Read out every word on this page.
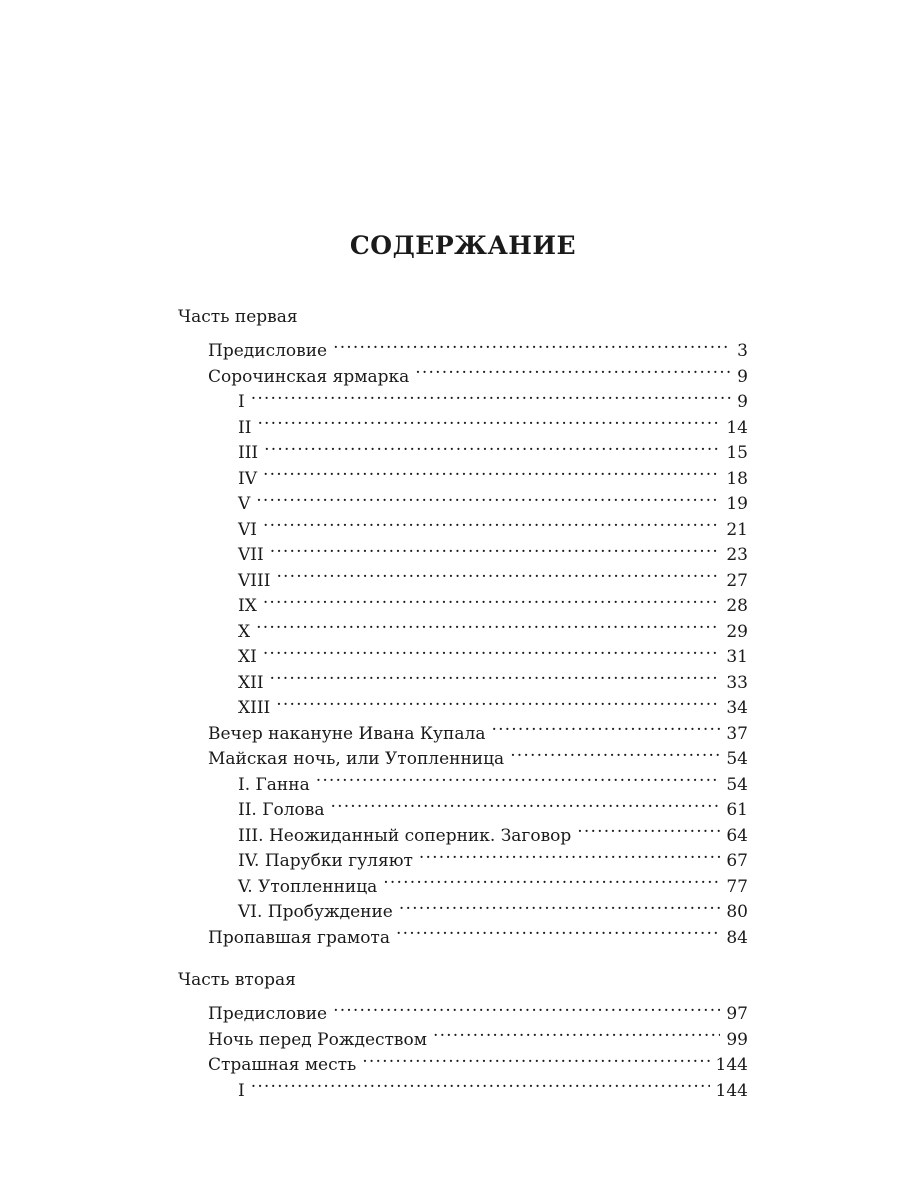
СОДЕРЖАНИЕ
Часть первая
Предисловие . . .	3
Сорочинская ярмарка . . .	9
I . . .	9
II . . .	14
III . . .	15
IV . . .	18
V . . .	19
VI . . .	21
VII . . .	23
VIII . . .	27
IX . . .	28
X . . .	29
XI . . .	31
XII . . .	33
XIII . . .	34
Вечер накануне Ивана Купала . . .	37
Майская ночь, или Утопленница . . .	54
I. Ганна . . .	54
II. Голова . . .	61
III. Неожиданный соперник. Заговор . . .	64
IV. Парубки гуляют . . .	67
V. Утопленница . . .	77
VI. Пробуждение . . .	80
Пропавшая грамота . . .	84
Часть вторая
Предисловие . . .	97
Ночь перед Рождеством . . .	99
Страшная месть . . .	144
I . . .	144
